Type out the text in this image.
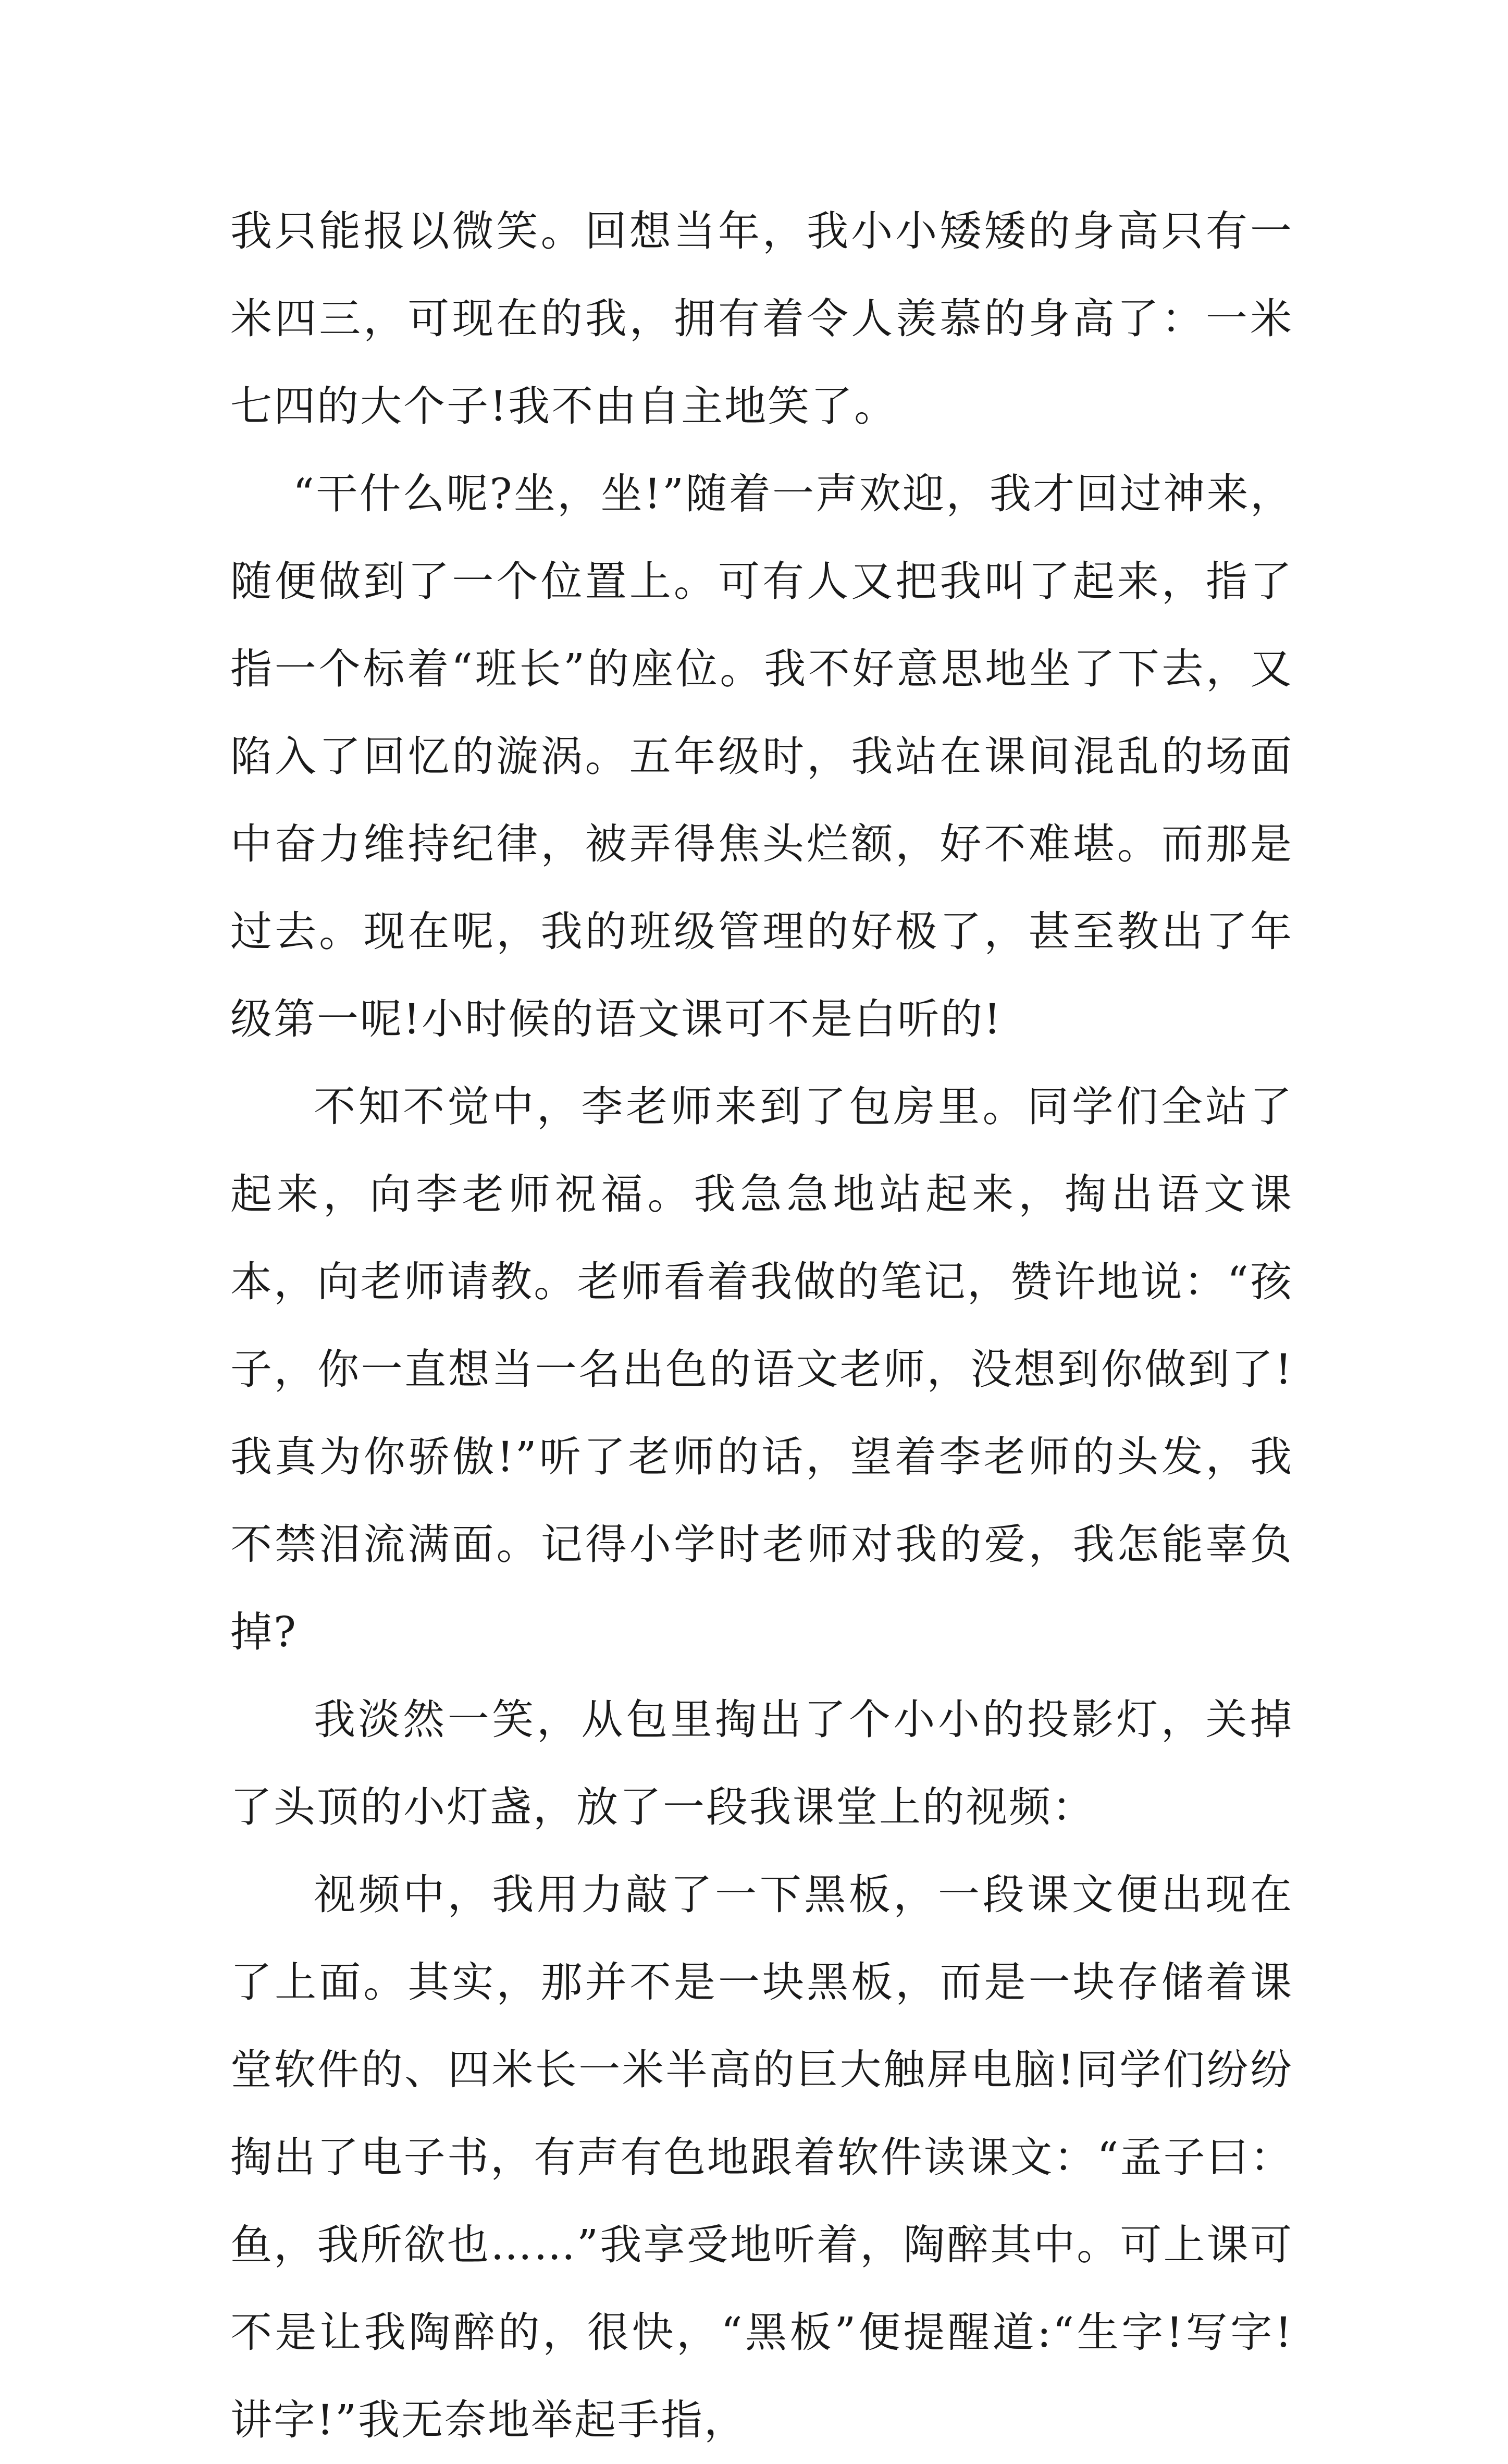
我只能报以微笑。回想当年，我小小矮矮的身高只有一米四三，可现在的我，拥有着令人羡慕的身高了：一米七四的大个子!我不由自主地笑了。

“干什么呢?坐，坐!”随着一声欢迎，我才回过神来，随便做到了一个位置上。可有人又把我叫了起来，指了指一个标着“班长”的座位。我不好意思地坐了下去，又陷入了回忆的漩涡。五年级时，我站在课间混乱的场面中奋力维持纪律，被弄得焦头烂额，好不难堪。而那是过去。现在呢，我的班级管理的好极了，甚至教出了年级第一呢!小时候的语文课可不是白听的!

不知不觉中，李老师来到了包房里。同学们全站了起来，向李老师祝福。我急急地站起来，掏出语文课本，向老师请教。老师看着我做的笔记，赞许地说：“孩子，你一直想当一名出色的语文老师，没想到你做到了!我真为你骄傲!”听了老师的话，望着李老师的头发，我不禁泪流满面。记得小学时老师对我的爱，我怎能辜负掉?

我淡然一笑，从包里掏出了个小小的投影灯，关掉了头顶的小灯盏，放了一段我课堂上的视频：

视频中，我用力敲了一下黑板，一段课文便出现在了上面。其实，那并不是一块黑板，而是一块存储着课堂软件的、四米长一米半高的巨大触屏电脑!同学们纷纷掏出了电子书，有声有色地跟着软件读课文：“孟子曰：鱼，我所欲也……”我享受地听着，陶醉其中。可上课可不是让我陶醉的，很快，“黑板”便提醒道:“生字!写字!讲字!”我无奈地举起手指，
